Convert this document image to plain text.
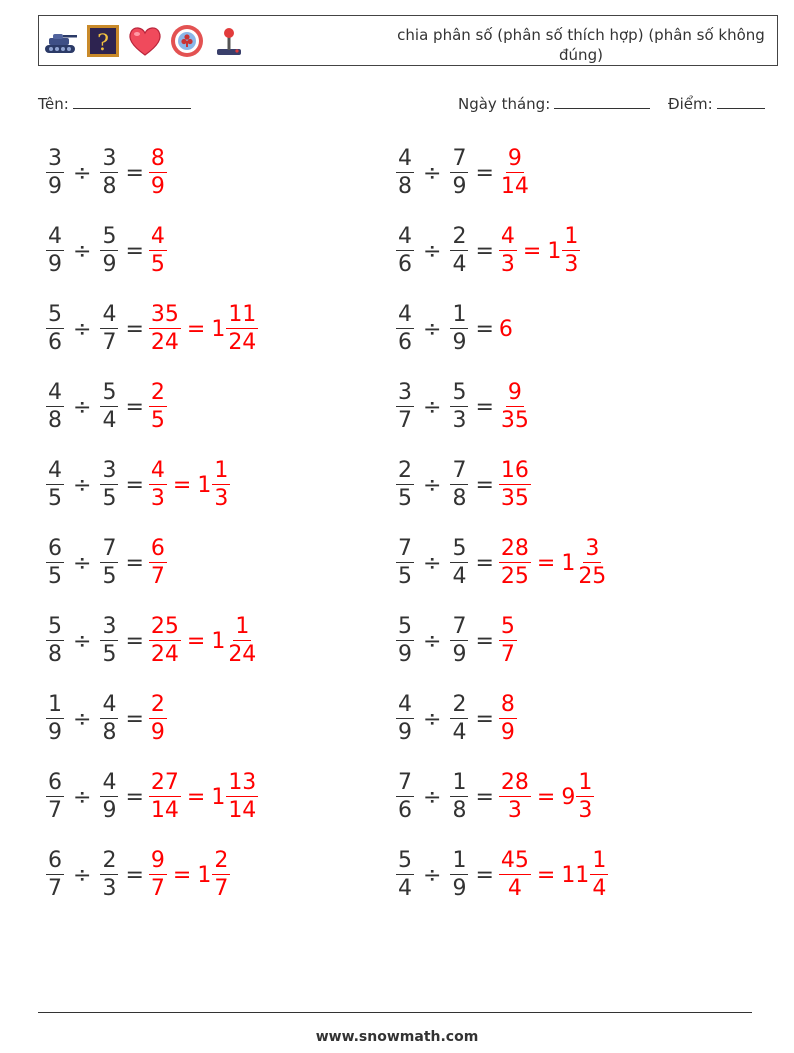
?	chia phân số (phân số thích hợp) (phân số không đúng)
Tên:	Ngày tháng:	Điểm:
$\frac{3}{9} \div \frac{3}{8} = \frac{8}{9}$	$\frac{4}{8} \div \frac{7}{9} = \frac{9}{14}$
$\frac{4}{9} \div \frac{5}{9} = \frac{4}{5}$	$\frac{4}{6} \div \frac{2}{4} = \frac{4}{3} = 1 \frac{1}{3}$
$\frac{5}{6} \div \frac{4}{7} = \frac{35}{24} = 1 \frac{11}{24}$	$\frac{4}{6} \div \frac{1}{9} = 6$
$\frac{4}{8} \div \frac{5}{4} = \frac{2}{5}$	$\frac{3}{7} \div \frac{5}{3} = \frac{9}{35}$
$\frac{4}{5} \div \frac{3}{5} = \frac{4}{3} = 1 \frac{1}{3}$	$\frac{2}{5} \div \frac{7}{8} = \frac{16}{35}$
$\frac{6}{5} \div \frac{7}{5} = \frac{6}{7}$	$\frac{7}{5} \div \frac{5}{4} = \frac{28}{25} = 1 \frac{3}{25}$
$\frac{5}{8} \div \frac{3}{5} = \frac{25}{24} = 1 \frac{1}{24}$	$\frac{5}{9} \div \frac{7}{9} = \frac{5}{7}$
$\frac{1}{9} \div \frac{4}{8} = \frac{2}{9}$	$\frac{4}{9} \div \frac{2}{4} = \frac{8}{9}$
$\frac{6}{7} \div \frac{4}{9} = \frac{27}{14} = 1 \frac{13}{14}$	$\frac{7}{6} \div \frac{1}{8} = \frac{28}{3} = 9 \frac{1}{3}$
$\frac{6}{7} \div \frac{2}{3} = \frac{9}{7} = 1 \frac{2}{7}$	$\frac{5}{4} \div \frac{1}{9} = \frac{45}{4} = 11 \frac{1}{4}$
www.snowmath.com
